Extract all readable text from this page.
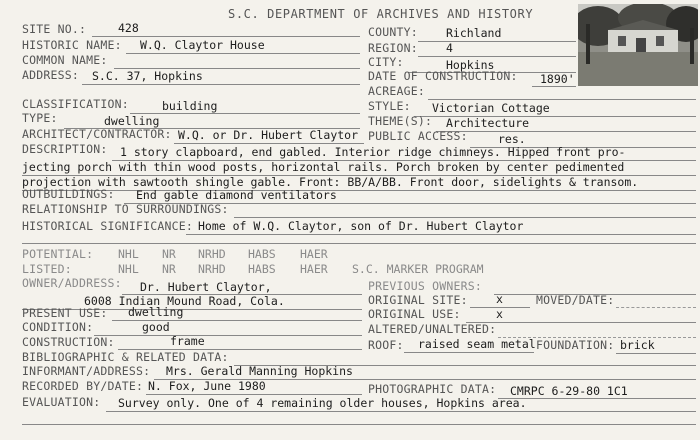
S.C. DEPARTMENT OF ARCHIVES AND HISTORY
SITE NO.:	428
HISTORIC NAME: W.Q. Claytor House
COMMON NAME:
ADDRESS: S.C. 37, Hopkins
COUNTY: Richland
REGION: 4
CITY:	Hopkins
DATE OF CONSTRUCTION: 1890'
ACREAGE:
CLASSIFICATION:	building
TYPE:	dwelling
STYLE: Victorian Cottage
THEME(S): Architecture
ARCHITECT/CONTRACTOR: W.Q. or Dr. Hubert Claytor PUBLIC ACCESS:	res.
DESCRIPTION: 1 story clapboard, end gabled. Interior ridge chimneys. Hipped front pro-
jecting porch with thin wood posts, horizontal rails. Porch broken by center pedimented
projection with sawtooth shingle gable. Front: BB/A/BB. Front door, sidelights & transom.
OUTBUILDINGS: End gable diamond ventilators
RELATIONSHIP TO SURROUNDINGS:
HISTORICAL SIGNIFICANCE: Home of W.Q. Claytor, son of Dr. Hubert Claytor
POTENTIAL: NHL NR NRHD HABS HAER
LISTED:	NHL NR NRHD HABS HAER S.C. MARKER PROGRAM
OWNER/ADDRESS: Dr. Hubert Claytor,
6008 Indian Mound Road, Cola.
PREVIOUS OWNERS:
ORIGINAL SITE: x	MOVED/DATE:
PRESENT USE: dwelling	ORIGINAL USE:	x
CONDITION:	good	ALTERED/UNALTERED:
CONSTRUCTION:	frame	ROOF: raised seam metal FOUNDATION: brick
BIBLIOGRAPHIC & RELATED DATA:
INFORMANT/ADDRESS: Mrs. Gerald Manning Hopkins
RECORDED BY/DATE: N. Fox, June 1980	PHOTOGRAPHIC DATA: CMRPC 6-29-80 1C1
EVALUATION: Survey only. One of 4 remaining older houses, Hopkins area.
